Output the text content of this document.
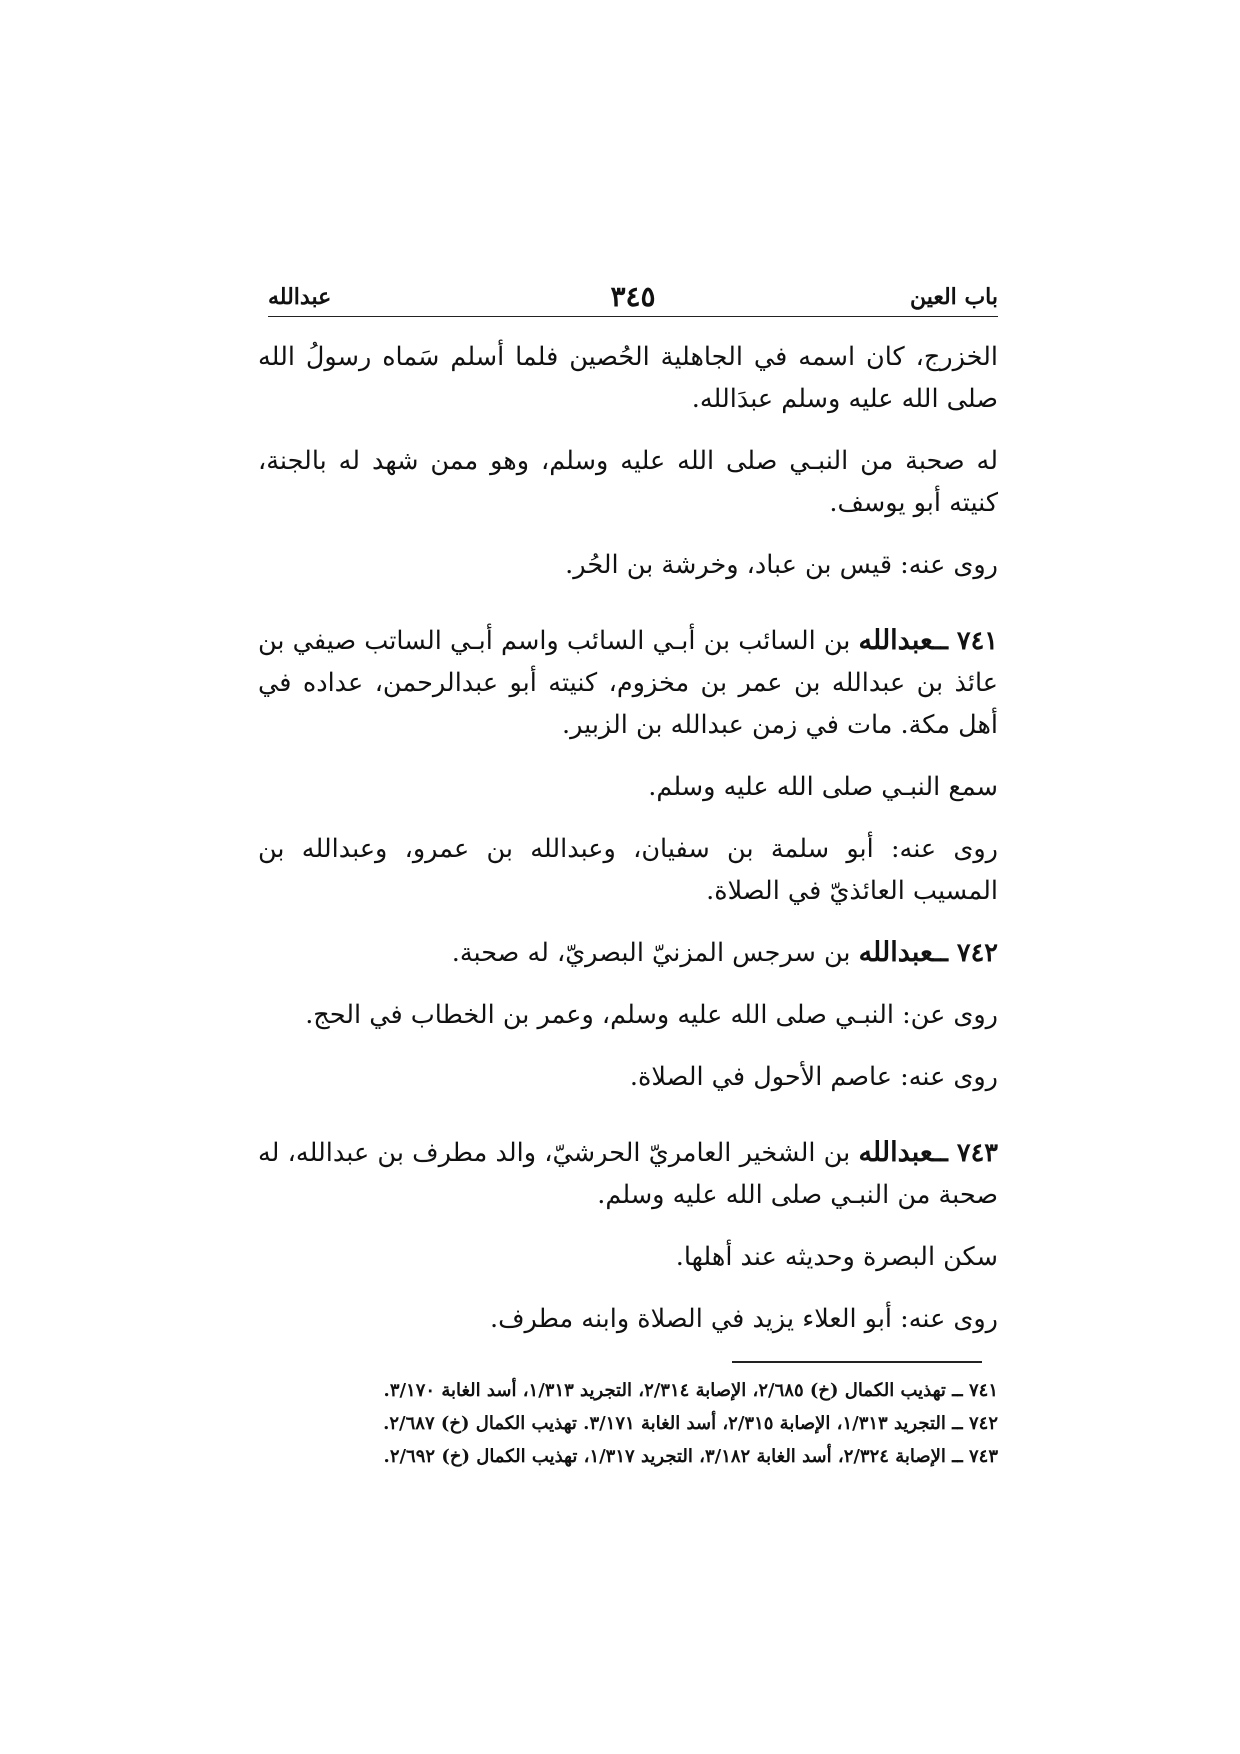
باب العين
٣٤٥
عبدالله

الخزرج، كان اسمه في الجاهلية الحُصين فلما أسلم سَماه رسولُ الله صلى الله عليه وسلم عبدَالله.

له صحبة من النبـي صلى الله عليه وسلم، وهو ممن شهد له بالجنة، كنيته أبو يوسف.

روى عنه: قيس بن عباد، وخرشة بن الحُر.

٧٤١ ــعبدالله بن السائب بن أبـي السائب واسم أبـي الساتب صيفي بن عائذ بن عبدالله بن عمر بن مخزوم، كنيته أبو عبدالرحمن، عداده في أهل مكة. مات في زمن عبدالله بن الزبير.

سمع النبـي صلى الله عليه وسلم.

روى عنه: أبو سلمة بن سفيان، وعبدالله بن عمرو، وعبدالله بن المسيب العائذيّ في الصلاة.

٧٤٢ ــعبدالله بن سرجس المزنيّ البصريّ، له صحبة.

روى عن: النبـي صلى الله عليه وسلم، وعمر بن الخطاب في الحج.

روى عنه: عاصم الأحول في الصلاة.

٧٤٣ ــعبدالله بن الشخير العامريّ الحرشيّ، والد مطرف بن عبدالله، له صحبة من النبـي صلى الله عليه وسلم.

سكن البصرة وحديثه عند أهلها.

روى عنه: أبو العلاء يزيد في الصلاة وابنه مطرف.

٧٤١ ــ تهذيب الكمال (خ) ٢/٦٨٥، الإصابة ٢/٣١٤، التجريد ١/٣١٣، أسد الغابة ٣/١٧٠.

٧٤٢ ــ التجريد ١/٣١٣، الإصابة ٢/٣١٥، أسد الغابة ٣/١٧١. تهذيب الكمال (خ) ٢/٦٨٧.

٧٤٣ ــ الإصابة ٢/٣٢٤، أسد الغابة ٣/١٨٢، التجريد ١/٣١٧، تهذيب الكمال (خ) ٢/٦٩٢.
